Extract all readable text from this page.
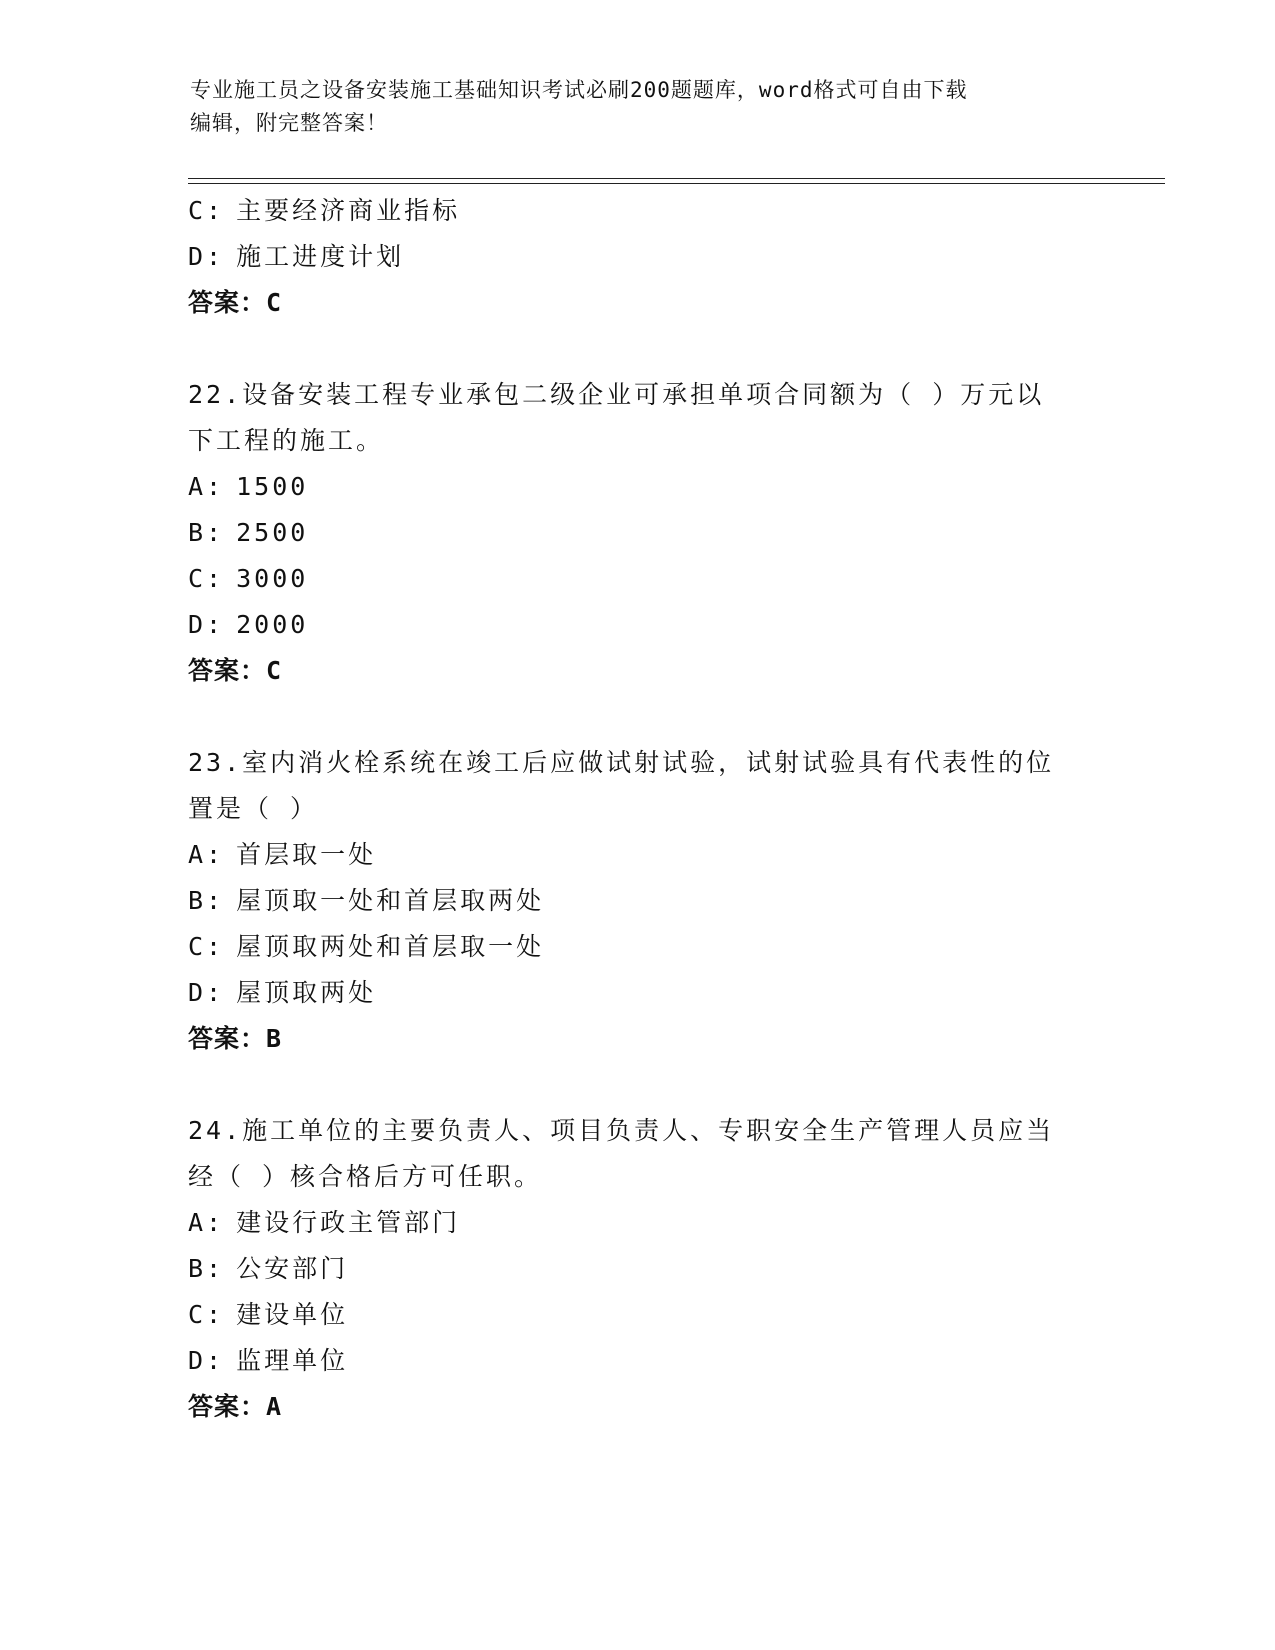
专业施工员之设备安装施工基础知识考试必刷200题题库，word格式可自由下载
编辑，附完整答案！
C: 主要经济商业指标
D: 施工进度计划
答案：C
22.设备安装工程专业承包二级企业可承担单项合同额为（ ）万元以
下工程的施工。
A: 1500
B: 2500
C: 3000
D: 2000
答案：C
23.室内消火栓系统在竣工后应做试射试验，试射试验具有代表性的位
置是（ ）
A: 首层取一处
B: 屋顶取一处和首层取两处
C: 屋顶取两处和首层取一处
D: 屋顶取两处
答案：B
24.施工单位的主要负责人、项目负责人、专职安全生产管理人员应当
经（ ）核合格后方可任职。
A: 建设行政主管部门
B: 公安部门
C: 建设单位
D: 监理单位
答案：A
